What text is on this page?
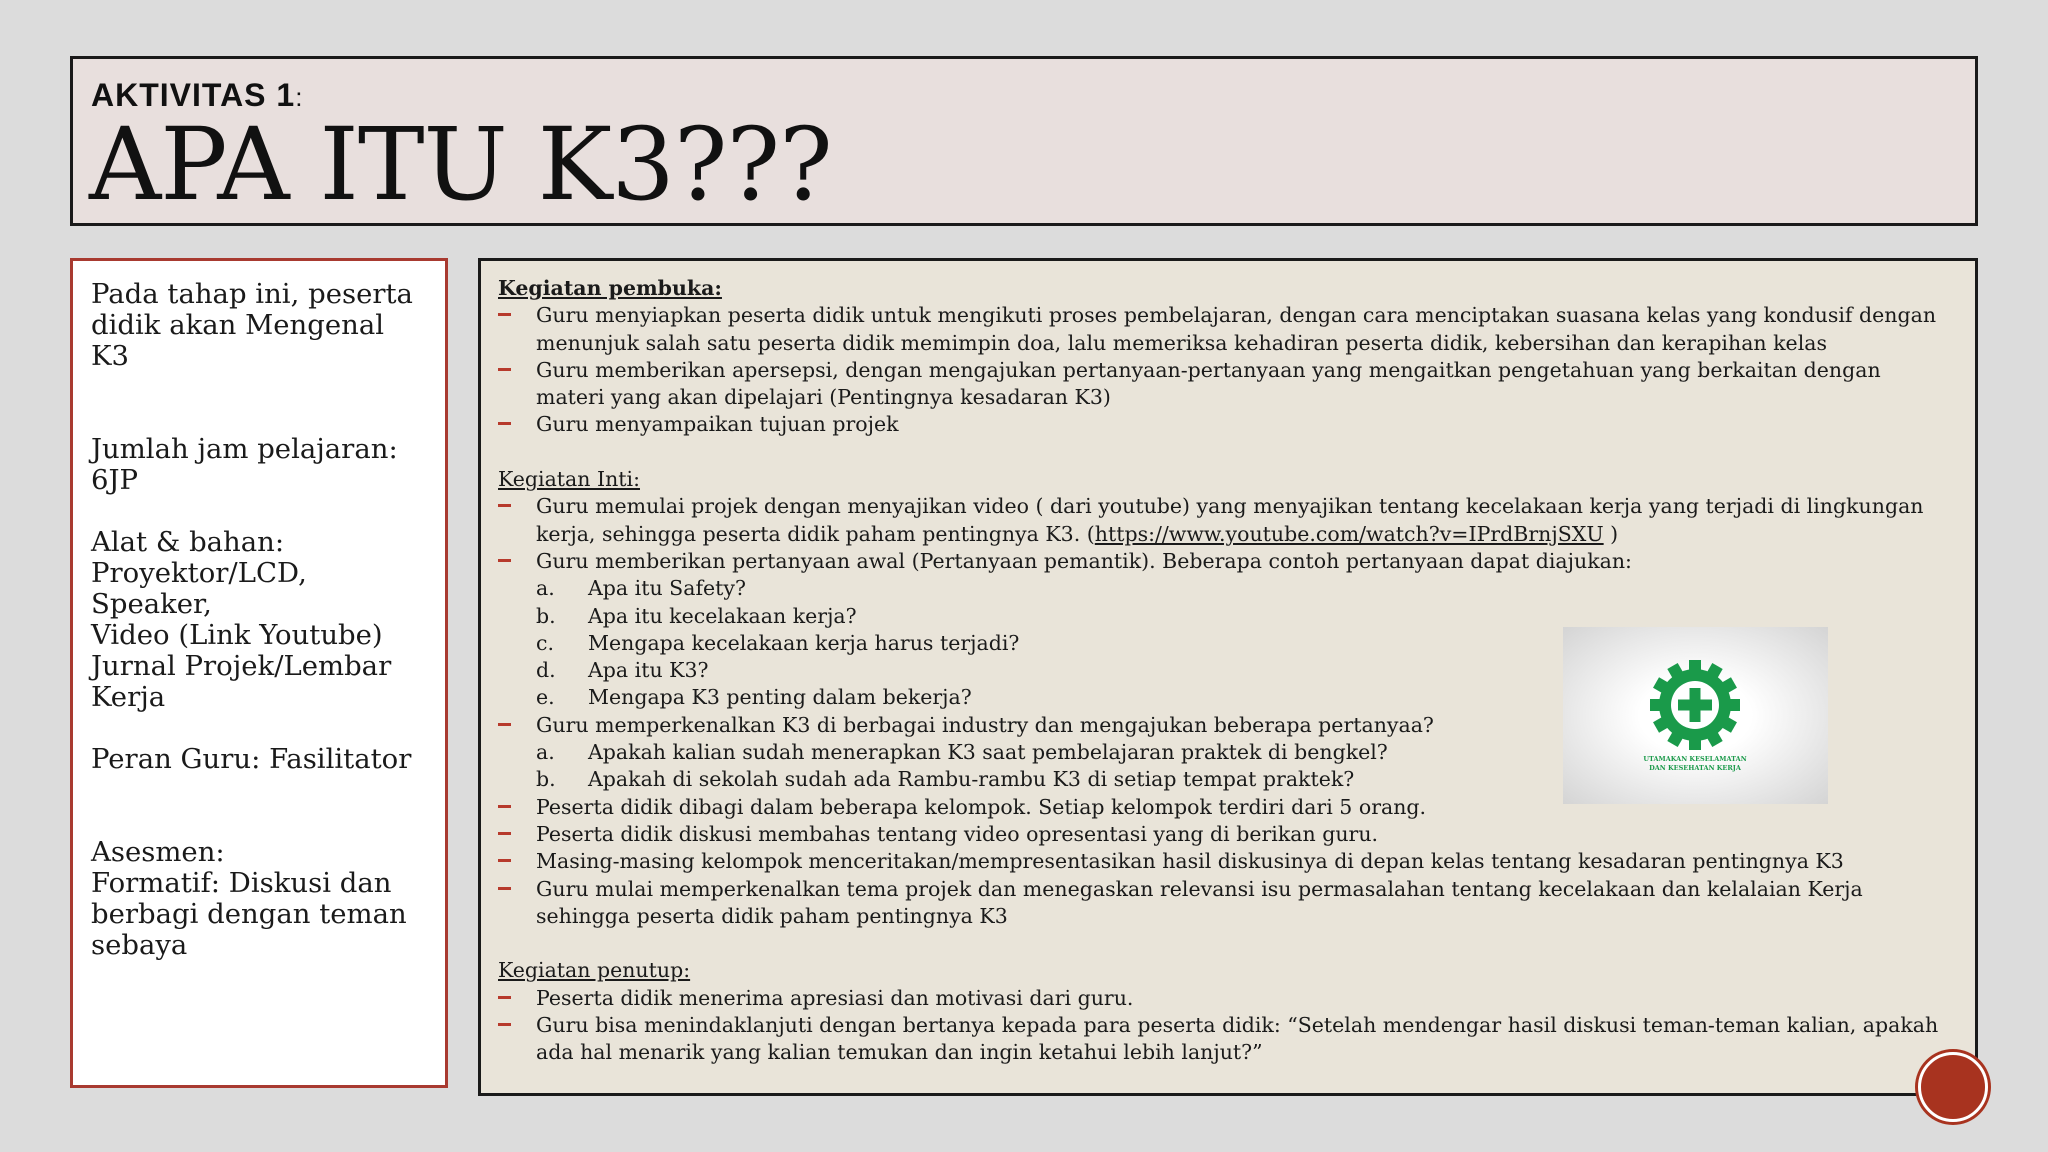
AKTIVITAS 1:
APA ITU K3???

Pada tahap ini, peserta

didik akan Mengenal K3

Jumlah jam pelajaran: 6JP

Alat & bahan:

Proyektor/LCD, Speaker,

Video (Link Youtube)

Jurnal Projek/Lembar

Kerja

Peran Guru: Fasilitator

Asesmen:

Formatif: Diskusi dan

berbagi dengan teman

sebaya

Kegiatan pembuka:
Guru menyiapkan peserta didik untuk mengikuti proses pembelajaran, dengan cara menciptakan suasana kelas yang kondusif dengan
menunjuk salah satu peserta didik memimpin doa, lalu memeriksa kehadiran peserta didik, kebersihan dan kerapihan kelas
Guru memberikan apersepsi, dengan mengajukan pertanyaan-pertanyaan yang mengaitkan pengetahuan yang berkaitan dengan
materi yang akan dipelajari (Pentingnya kesadaran K3)
Guru menyampaikan tujuan projek
Kegiatan Inti:
Guru memulai projek dengan menyajikan video ( dari youtube) yang menyajikan tentang kecelakaan kerja yang terjadi di lingkungan
kerja, sehingga peserta didik paham pentingnya K3. (https://www.youtube.com/watch?v=IPrdBrnjSXU )
Guru memberikan pertanyaan awal (Pertanyaan pemantik). Beberapa contoh pertanyaan dapat diajukan:
a. Apa itu Safety?
b. Apa itu kecelakaan kerja?
c. Mengapa kecelakaan kerja harus terjadi?
d. Apa itu K3?
e. Mengapa K3 penting dalam bekerja?
Guru memperkenalkan K3 di berbagai industry dan mengajukan beberapa pertanyaa?
a. Apakah kalian sudah menerapkan K3 saat pembelajaran praktek di bengkel?
b. Apakah di sekolah sudah ada Rambu-rambu K3 di setiap tempat praktek?
Peserta didik dibagi dalam beberapa kelompok. Setiap kelompok terdiri dari 5 orang.
Peserta didik diskusi membahas tentang video opresentasi yang di berikan guru.
Masing-masing kelompok menceritakan/mempresentasikan hasil diskusinya di depan kelas tentang kesadaran pentingnya K3
Guru mulai memperkenalkan tema projek dan menegaskan relevansi isu permasalahan tentang kecelakaan dan kelalaian Kerja
sehingga peserta didik paham pentingnya K3
Kegiatan penutup:
Peserta didik menerima apresiasi dan motivasi dari guru.
Guru bisa menindaklanjuti dengan bertanya kepada para peserta didik: “Setelah mendengar hasil diskusi teman-teman kalian, apakah
ada hal menarik yang kalian temukan dan ingin ketahui lebih lanjut?”
UTAMAKAN KESELAMATAN
DAN KESEHATAN KERJA
